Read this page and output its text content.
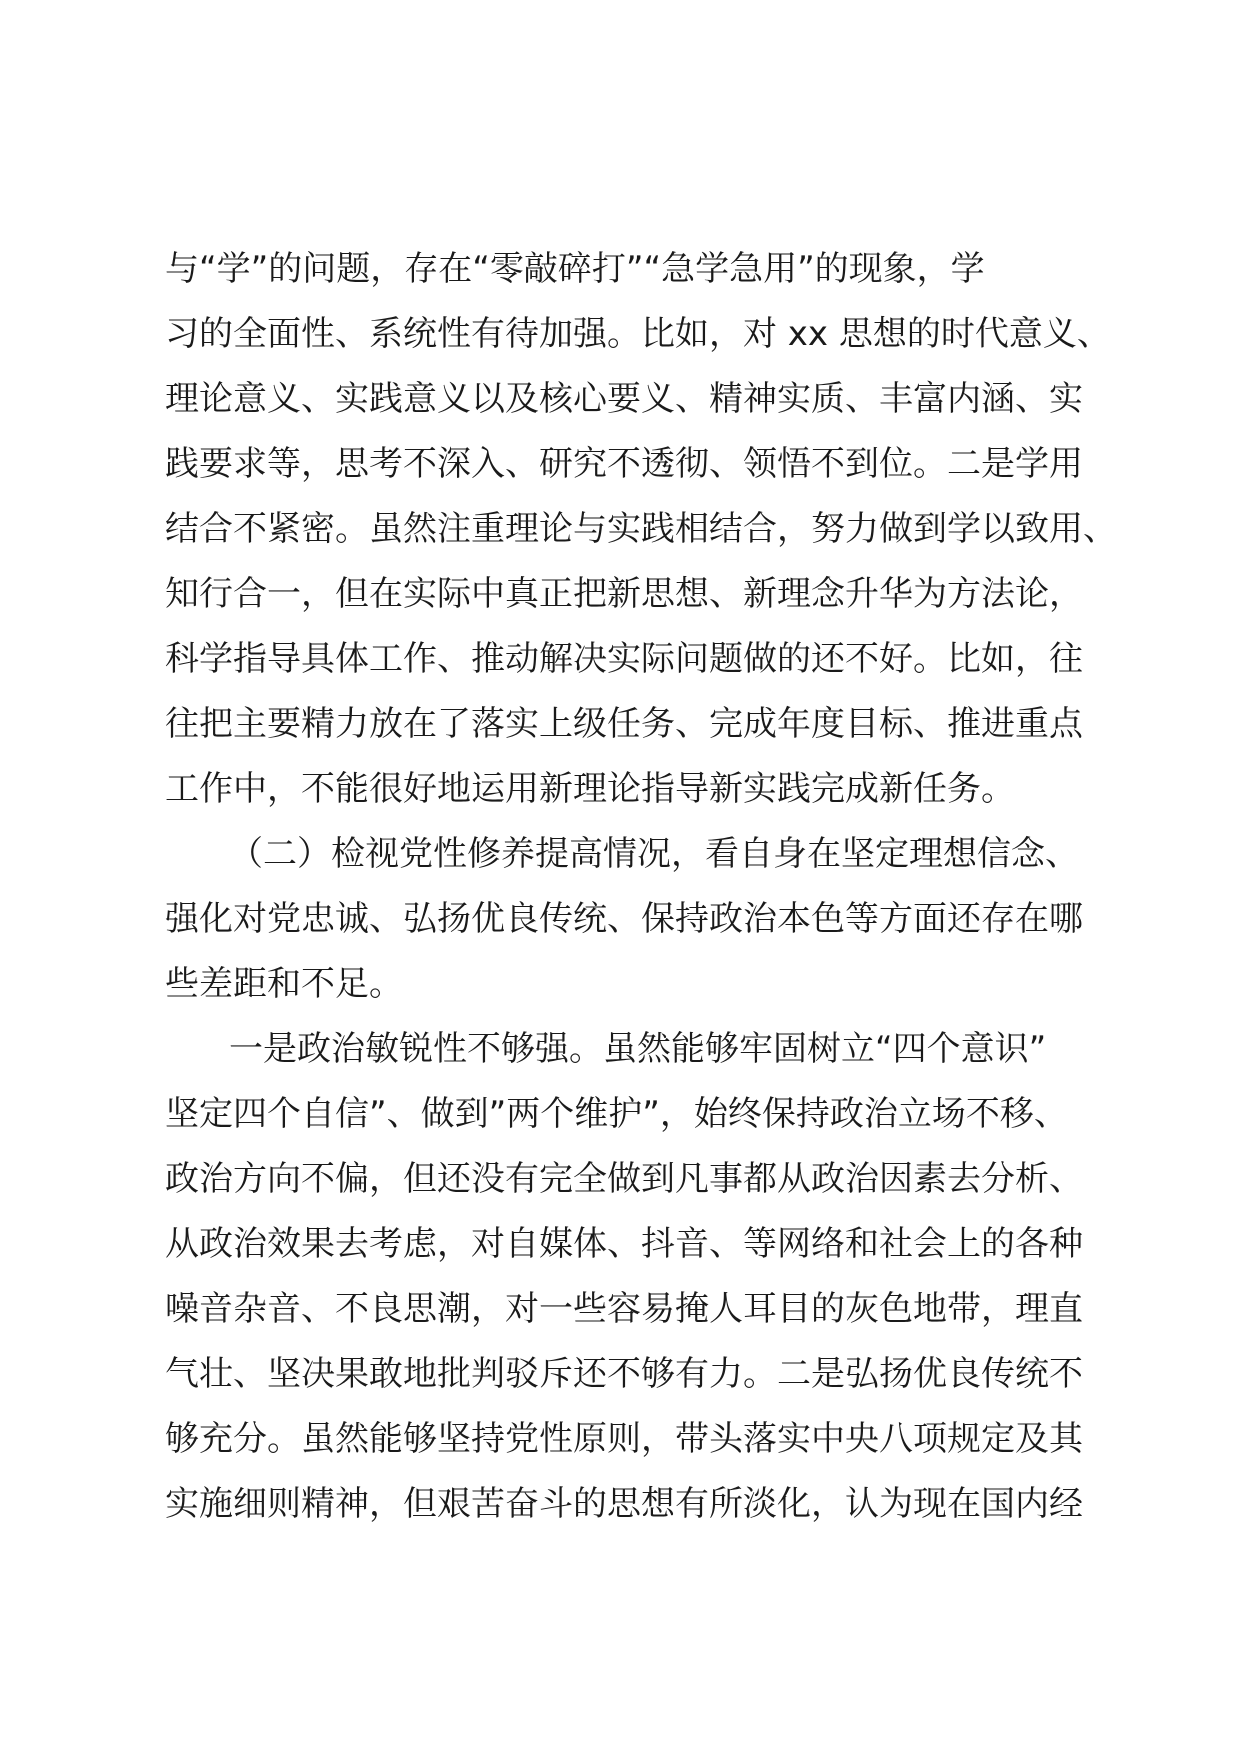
与“学”的问题，存在“零敲碎打”“急学急用”的现象，学
习的全面性、系统性有待加强。比如，对 xx 思想的时代意义、
理论意义、实践意义以及核心要义、精神实质、丰富内涵、实
践要求等，思考不深入、研究不透彻、领悟不到位。二是学用
结合不紧密。虽然注重理论与实践相结合，努力做到学以致用、
知行合一，但在实际中真正把新思想、新理念升华为方法论，
科学指导具体工作、推动解决实际问题做的还不好。比如，往
往把主要精力放在了落实上级任务、完成年度目标、推进重点
工作中，不能很好地运用新理论指导新实践完成新任务。
（二）检视党性修养提高情况，看自身在坚定理想信念、
强化对党忠诚、弘扬优良传统、保持政治本色等方面还存在哪
些差距和不足。
一是政治敏锐性不够强。虽然能够牢固树立“四个意识”
坚定四个自信”、做到”两个维护”，始终保持政治立场不移、
政治方向不偏，但还没有完全做到凡事都从政治因素去分析、
从政治效果去考虑，对自媒体、抖音、等网络和社会上的各种
噪音杂音、不良思潮，对一些容易掩人耳目的灰色地带，理直
气壮、坚决果敢地批判驳斥还不够有力。二是弘扬优良传统不
够充分。虽然能够坚持党性原则，带头落实中央八项规定及其
实施细则精神，但艰苦奋斗的思想有所淡化，认为现在国内经
